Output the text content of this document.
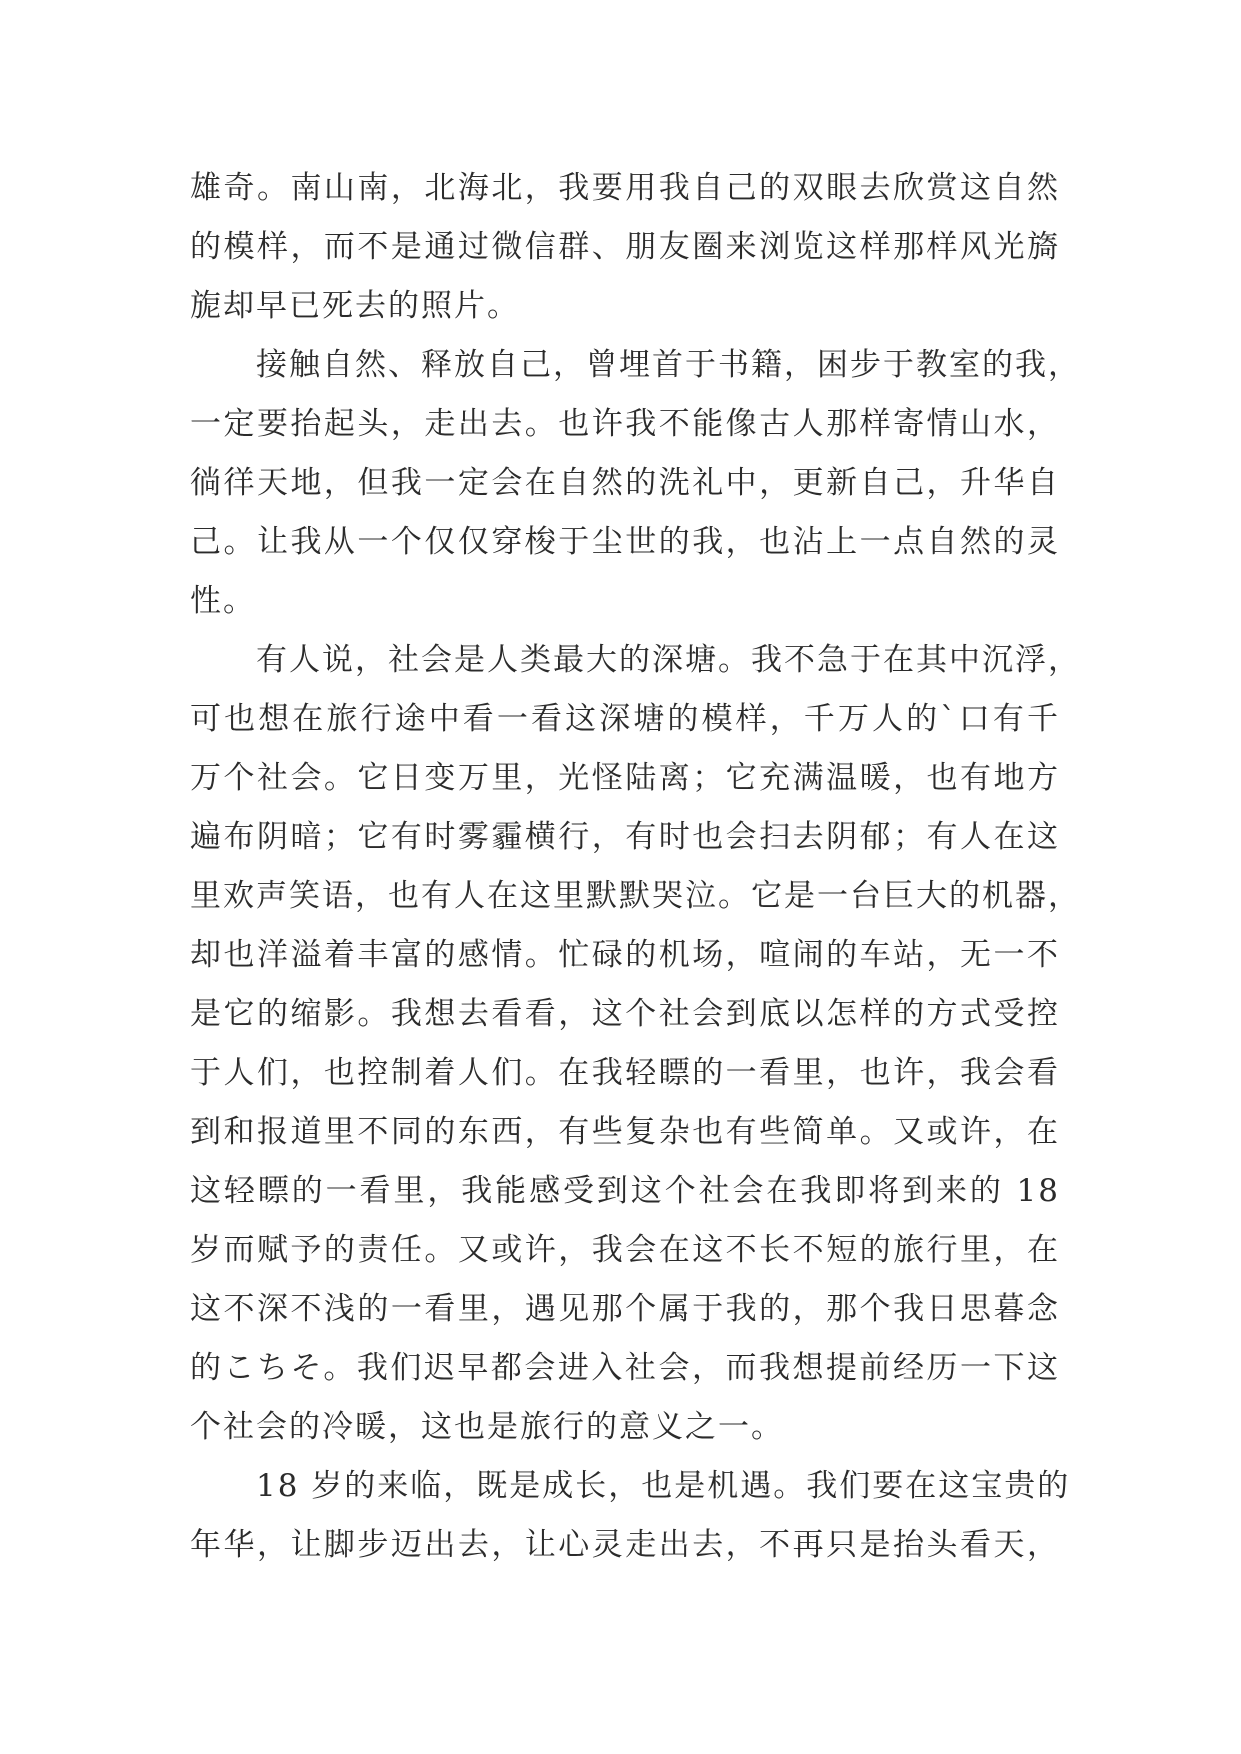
雄奇。南山南，北海北，我要用我自己的双眼去欣赏这自然
的模样，而不是通过微信群、朋友圈来浏览这样那样风光旖
旎却早已死去的照片。
接触自然、释放自己，曾埋首于书籍，困步于教室的我，
一定要抬起头，走出去。也许我不能像古人那样寄情山水，
徜徉天地，但我一定会在自然的洗礼中，更新自己，升华自
己。让我从一个仅仅穿梭于尘世的我，也沾上一点自然的灵
性。
有人说，社会是人类最大的深塘。我不急于在其中沉浮，
可也想在旅行途中看一看这深塘的模样，千万人的`口有千
万个社会。它日变万里，光怪陆离；它充满温暖，也有地方
遍布阴暗；它有时雾霾横行，有时也会扫去阴郁；有人在这
里欢声笑语，也有人在这里默默哭泣。它是一台巨大的机器，
却也洋溢着丰富的感情。忙碌的机场，喧闹的车站，无一不
是它的缩影。我想去看看，这个社会到底以怎样的方式受控
于人们，也控制着人们。在我轻瞟的一看里，也许，我会看
到和报道里不同的东西，有些复杂也有些简单。又或许，在
这轻瞟的一看里，我能感受到这个社会在我即将到来的 18
岁而赋予的责任。又或许，我会在这不长不短的旅行里，在
这不深不浅的一看里，遇见那个属于我的，那个我日思暮念
的こちそ。我们迟早都会进入社会，而我想提前经历一下这
个社会的冷暖，这也是旅行的意义之一。
18 岁的来临，既是成长，也是机遇。我们要在这宝贵的
年华，让脚步迈出去，让心灵走出去，不再只是抬头看天，
